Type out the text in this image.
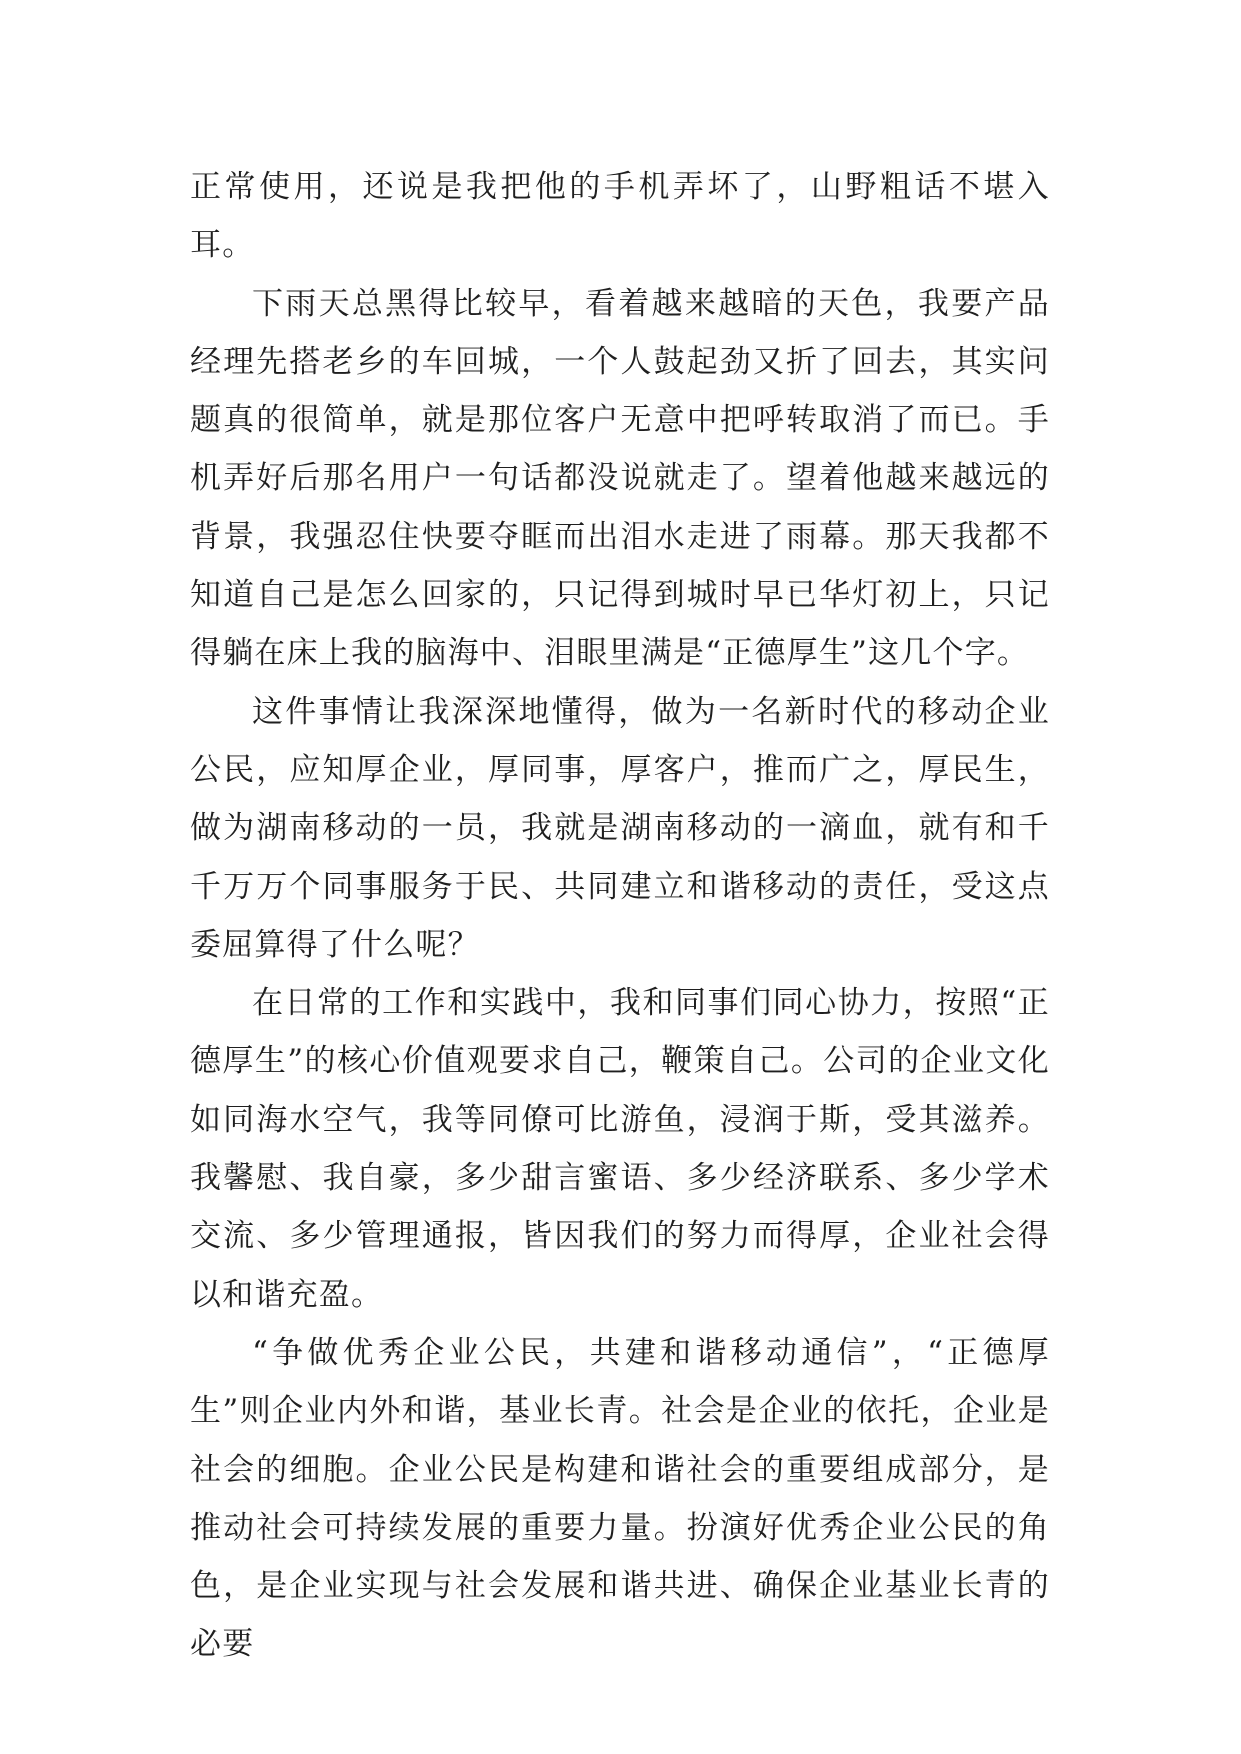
正常使用，还说是我把他的手机弄坏了，山野粗话不堪入耳。

下雨天总黑得比较早，看着越来越暗的天色，我要产品经理先搭老乡的车回城，一个人鼓起劲又折了回去，其实问题真的很简单，就是那位客户无意中把呼转取消了而已。手机弄好后那名用户一句话都没说就走了。望着他越来越远的背景，我强忍住快要夺眶而出泪水走进了雨幕。那天我都不知道自己是怎么回家的，只记得到城时早已华灯初上，只记得躺在床上我的脑海中、泪眼里满是“正德厚生”这几个字。

这件事情让我深深地懂得，做为一名新时代的移动企业公民，应知厚企业，厚同事，厚客户，推而广之，厚民生，做为湖南移动的一员，我就是湖南移动的一滴血，就有和千千万万个同事服务于民、共同建立和谐移动的责任，受这点委屈算得了什么呢？

在日常的工作和实践中，我和同事们同心协力，按照“正德厚生”的核心价值观要求自己，鞭策自己。公司的企业文化如同海水空气，我等同僚可比游鱼，浸润于斯，受其滋养。我馨慰、我自豪，多少甜言蜜语、多少经济联系、多少学术交流、多少管理通报，皆因我们的努力而得厚，企业社会得以和谐充盈。

“争做优秀企业公民，共建和谐移动通信”，“正德厚生”则企业内外和谐，基业长青。社会是企业的依托，企业是社会的细胞。企业公民是构建和谐社会的重要组成部分，是推动社会可持续发展的重要力量。扮演好优秀企业公民的角色，是企业实现与社会发展和谐共进、确保企业基业长青的必要
